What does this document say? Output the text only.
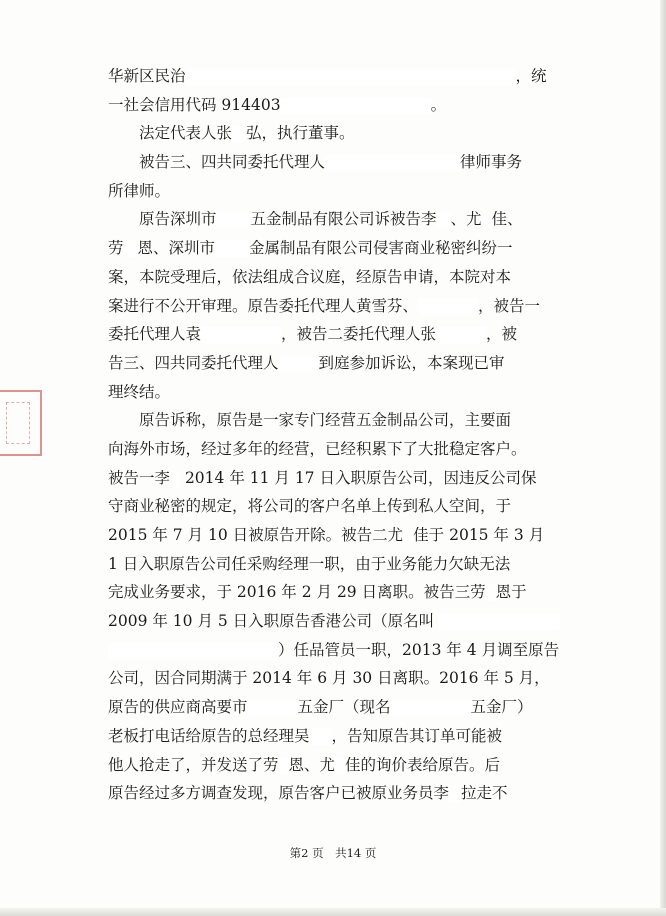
华新区民治	，统
一社会信用代码 914403	。
法定代表人张 弘，执行董事。
被告三、四共同委托代理人	律师事务
所律师。
原告深圳市 五金制品有限公司诉被告李 、尤 佳、
劳 恩、深圳市 金属制品有限公司侵害商业秘密纠纷一
案，本院受理后，依法组成合议庭，经原告申请，本院对本
案进行不公开审理。原告委托代理人黄雪芬、	，被告一
委托代理人袁	，被告二委托代理人张	，被
告三、四共同委托代理人	到庭参加诉讼，本案现已审
理终结。
原告诉称，原告是一家专门经营五金制品公司，主要面
向海外市场，经过多年的经营，已经积累下了大批稳定客户。
被告一李 2014 年 11 月 17 日入职原告公司，因违反公司保
守商业秘密的规定，将公司的客户名单上传到私人空间，于
2015 年 7 月 10 日被原告开除。被告二尤 佳于 2015 年 3 月
1 日入职原告公司任采购经理一职，由于业务能力欠缺无法
完成业务要求，于 2016 年 2 月 29 日离职。被告三劳 恩于
2009 年 10 月 5 日入职原告香港公司（原名叫
）任品管员一职，2013 年 4 月调至原告
公司，因合同期满于 2014 年 6 月 30 日离职。2016 年 5 月，
原告的供应商高要市	五金厂（现名	五金厂）
老板打电话给原告的总经理吴 ，告知原告其订单可能被
他人抢走了，并发送了劳 恩、尤 佳的询价表给原告。后
原告经过多方调查发现，原告客户已被原业务员李 拉走不
第2 页　共14 页
